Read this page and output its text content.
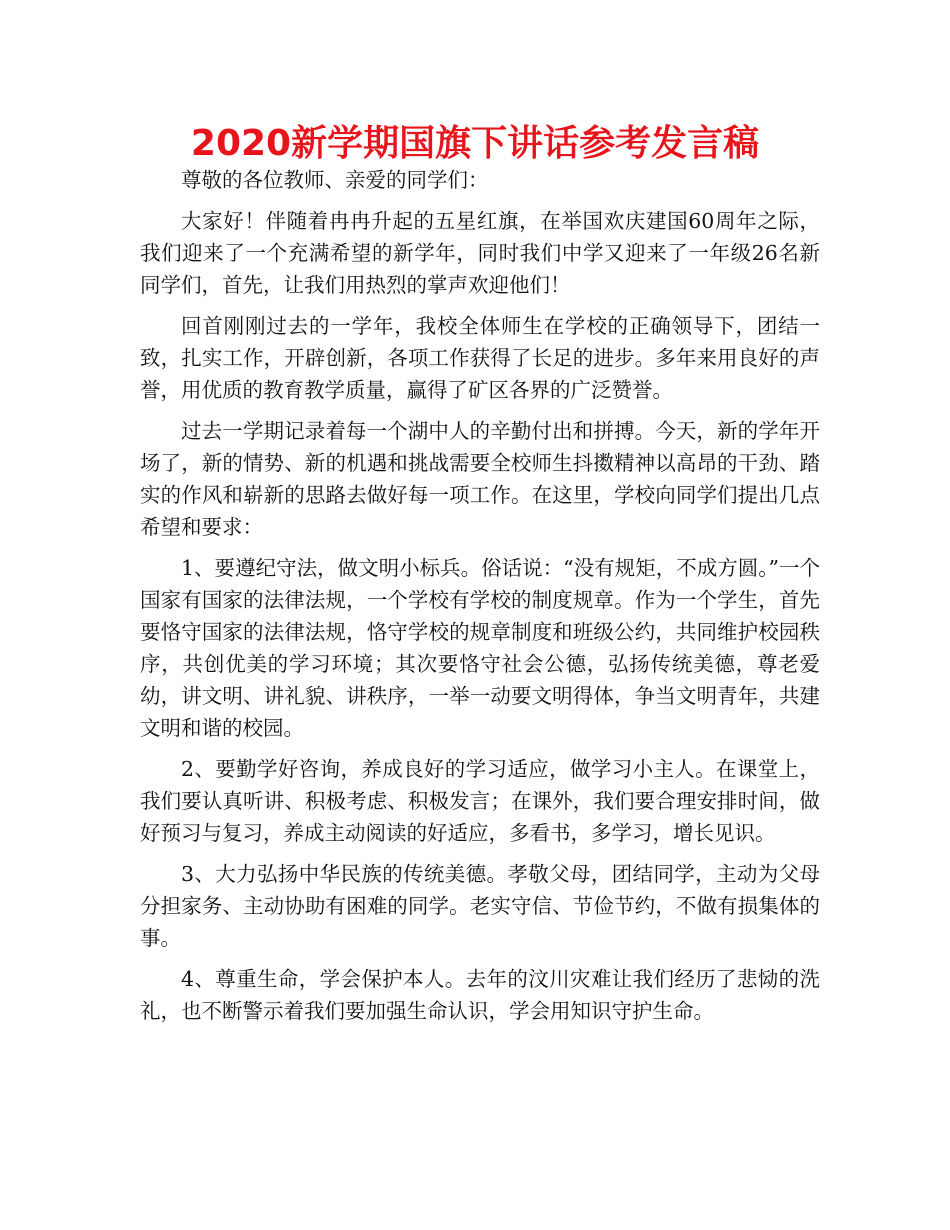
2020新学期国旗下讲话参考发言稿

尊敬的各位教师、亲爱的同学们：

大家好！伴随着冉冉升起的五星红旗，在举国欢庆建国60周年之际，我们迎来了一个充满希望的新学年，同时我们中学又迎来了一年级26名新同学们，首先，让我们用热烈的掌声欢迎他们！

回首刚刚过去的一学年，我校全体师生在学校的正确领导下，团结一致，扎实工作，开辟创新，各项工作获得了长足的进步。多年来用良好的声誉，用优质的教育教学质量，赢得了矿区各界的广泛赞誉。

过去一学期记录着每一个湖中人的辛勤付出和拼搏。今天，新的学年开场了，新的情势、新的机遇和挑战需要全校师生抖擞精神以高昂的干劲、踏实的作风和崭新的思路去做好每一项工作。在这里，学校向同学们提出几点希望和要求：

1、要遵纪守法，做文明小标兵。俗话说：“没有规矩，不成方圆。”一个国家有国家的法律法规，一个学校有学校的制度规章。作为一个学生，首先要恪守国家的法律法规，恪守学校的规章制度和班级公约，共同维护校园秩序，共创优美的学习环境；其次要恪守社会公德，弘扬传统美德，尊老爱幼，讲文明、讲礼貌、讲秩序，一举一动要文明得体，争当文明青年，共建文明和谐的校园。

2、要勤学好咨询，养成良好的学习适应，做学习小主人。在课堂上，我们要认真听讲、积极考虑、积极发言；在课外，我们要合理安排时间，做好预习与复习，养成主动阅读的好适应，多看书，多学习，增长见识。

3、大力弘扬中华民族的传统美德。孝敬父母，团结同学，主动为父母分担家务、主动协助有困难的同学。老实守信、节俭节约，不做有损集体的事。

4、尊重生命，学会保护本人。去年的汶川灾难让我们经历了悲恸的洗礼，也不断警示着我们要加强生命认识，学会用知识守护生命。
